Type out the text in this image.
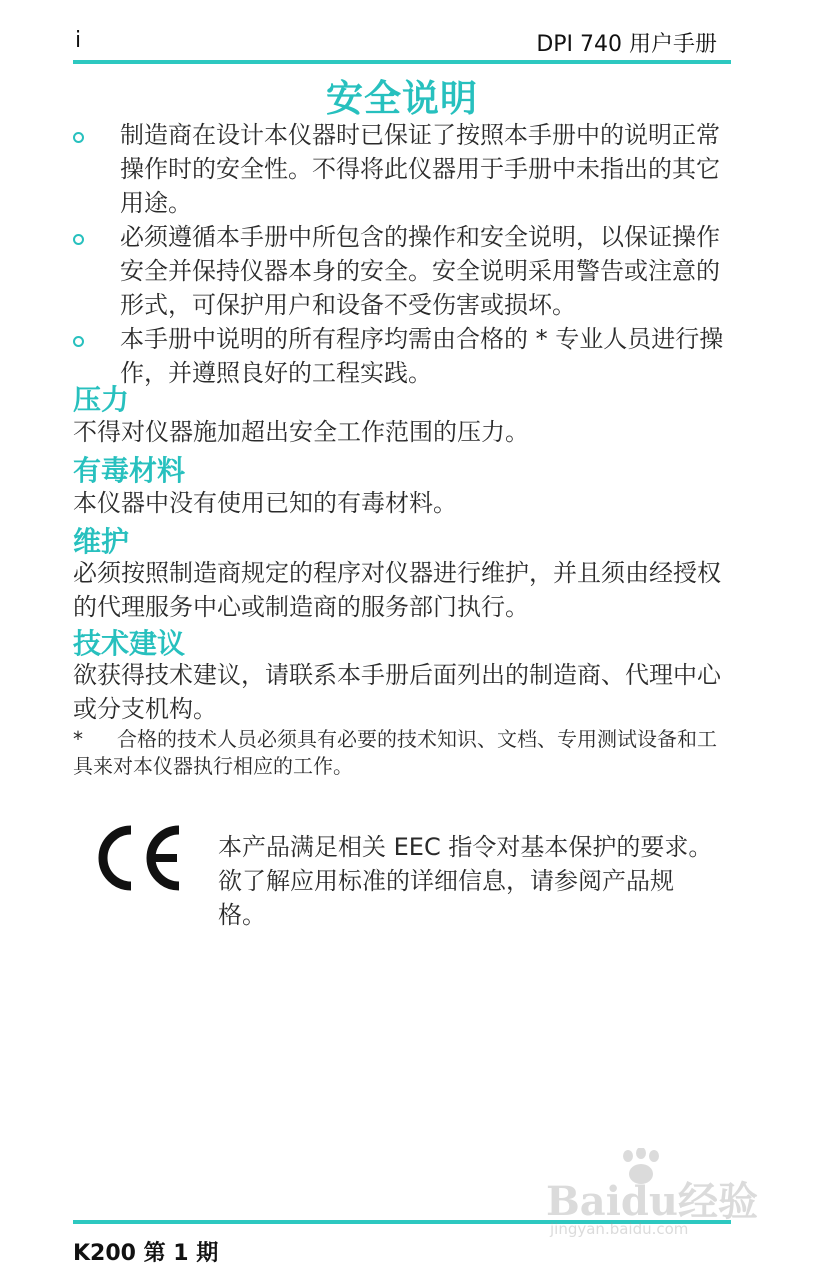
i	DPI 740 用户手册
安全说明
制造商在设计本仪器时已保证了按照本手册中的说明正常操作时的安全性。不得将此仪器用于手册中未指出的其它用途。
必须遵循本手册中所包含的操作和安全说明，以保证操作安全并保持仪器本身的安全。安全说明采用警告或注意的形式，可保护用户和设备不受伤害或损坏。
本手册中说明的所有程序均需由合格的 * 专业人员进行操作，并遵照良好的工程实践。
压力

不得对仪器施加超出安全工作范围的压力。

有毒材料

本仪器中没有使用已知的有毒材料。

维护

必须按照制造商规定的程序对仪器进行维护，并且须由经授权的代理服务中心或制造商的服务部门执行。

技术建议

欲获得技术建议，请联系本手册后面列出的制造商、代理中心或分支机构。

* 合格的技术人员必须具有必要的技术知识、文档、专用测试设备和工具来对本仪器执行相应的工作。

本产品满足相关 EEC 指令对基本保护的要求。欲了解应用标准的详细信息，请参阅产品规格。

K200 第 1 期
Baidu经验
jingyan.baidu.com
